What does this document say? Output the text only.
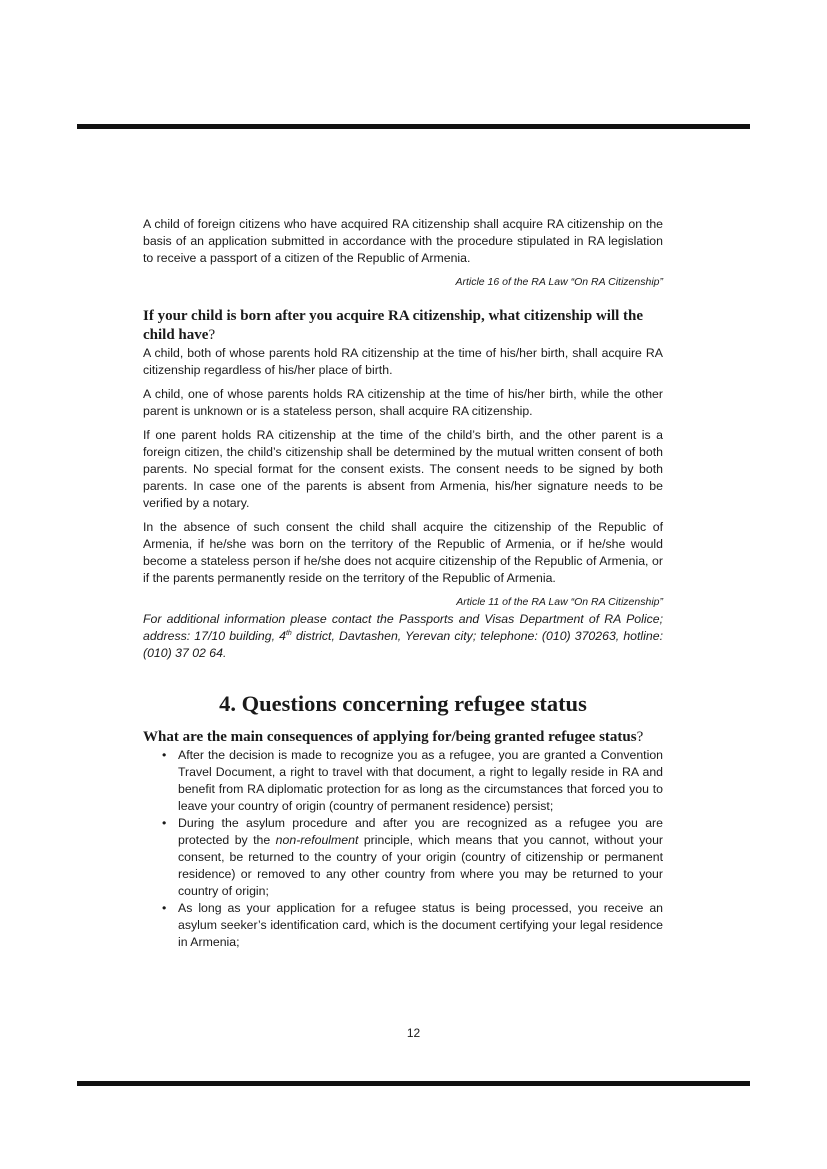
A child of foreign citizens who have acquired RA citizenship shall acquire RA citizenship on the basis of an application submitted in accordance with the procedure stipulated in RA legislation to receive a passport of a citizen of the Republic of Armenia.

Article 16 of the RA Law “On RA Citizenship”

If your child is born after you acquire RA citizenship, what citizenship will the child have?

A child, both of whose parents hold RA citizenship at the time of his/her birth, shall acquire RA citizenship regardless of his/her place of birth.

A child, one of whose parents holds RA citizenship at the time of his/her birth, while the other parent is unknown or is a stateless person, shall acquire RA citizenship.

If one parent holds RA citizenship at the time of the child’s birth, and the other parent is a foreign citizen, the child’s citizenship shall be determined by the mutual written consent of both parents. No special format for the consent exists. The consent needs to be signed by both parents. In case one of the parents is absent from Armenia, his/her signature needs to be verified by a notary.

In the absence of such consent the child shall acquire the citizenship of the Republic of Armenia, if he/she was born on the territory of the Republic of Armenia, or if he/she would become a stateless person if he/she does not acquire citizenship of the Republic of Armenia, or if the parents permanently reside on the territory of the Republic of Armenia.

Article 11 of the RA Law “On RA Citizenship”

For additional information please contact the Passports and Visas Department of RA Police; address: 17/10 building, 4th district, Davtashen, Yerevan city; telephone: (010) 370263, hotline: (010) 37 02 64.

4. Questions concerning refugee status
What are the main consequences of applying for/being granted refugee status?
• After the decision is made to recognize you as a refugee, you are granted a Convention Travel Document, a right to travel with that document, a right to legally reside in RA and benefit from RA diplomatic protection for as long as the circumstances that forced you to leave your country of origin (country of permanent residence) persist;
• During the asylum procedure and after you are recognized as a refugee you are protected by the non-refoulment principle, which means that you cannot, without your consent, be returned to the country of your origin (country of citizenship or permanent residence) or removed to any other country from where you may be returned to your country of origin;
• As long as your application for a refugee status is being processed, you receive an asylum seeker’s identification card, which is the document certifying your legal residence in Armenia;
12
